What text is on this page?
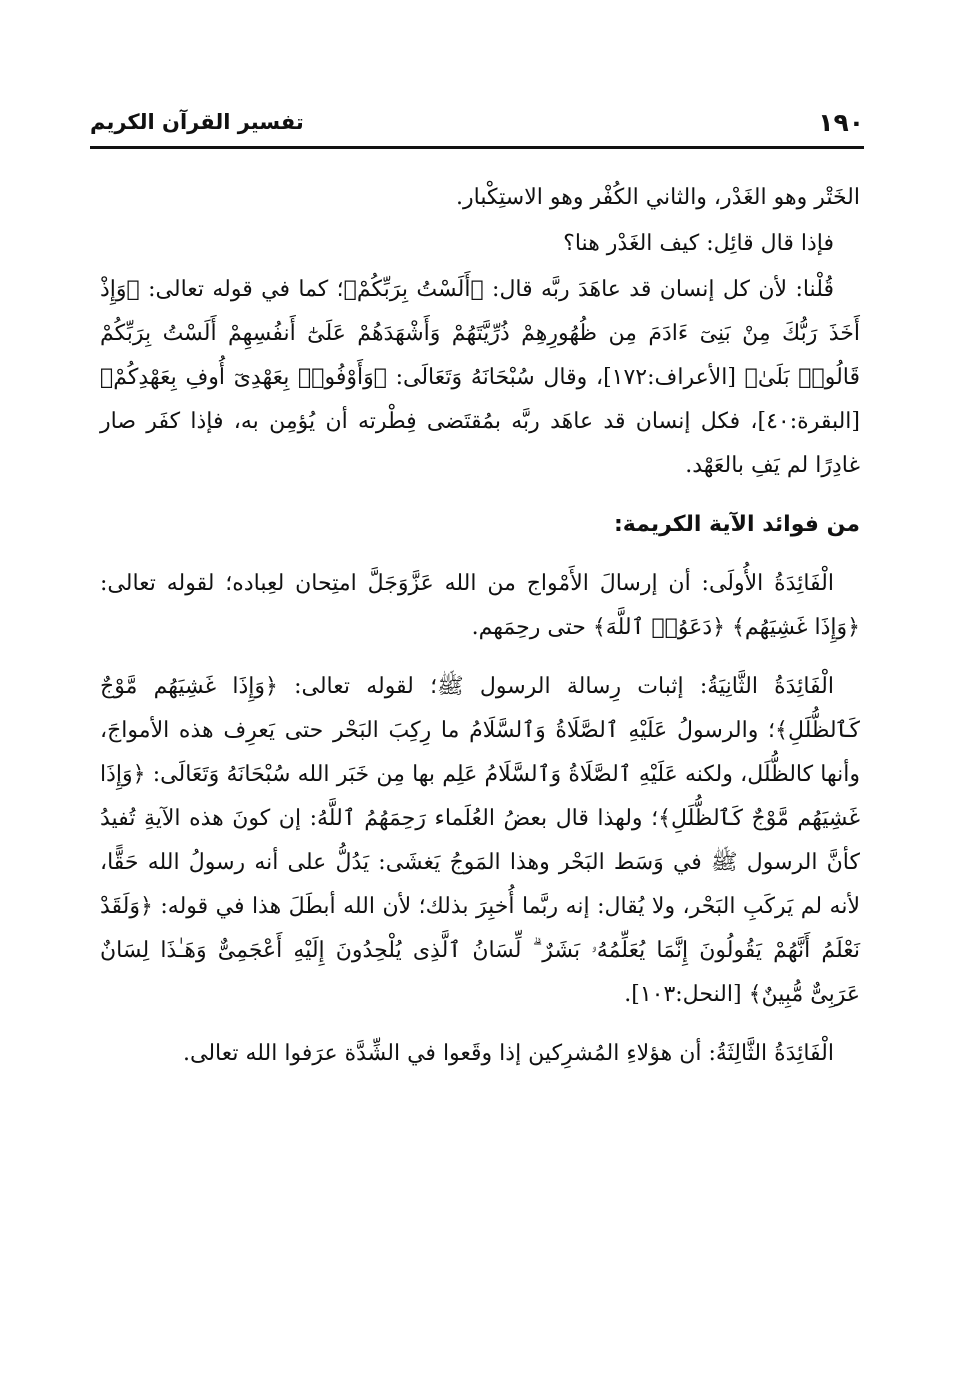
تفسير القرآن الكريم	١٩٠

الخَتْر وهو الغَدْر، والثاني الكُفْر وهو الاستِكْبار.

فإذا قال قائِل: كيف الغَدْر هنا؟

قُلْنا: لأن كل إنسان قد عاهَدَ ربَّه قال: ﴿أَلَسْتُ بِرَبِّكُمْ﴾؛ كما في قوله تعالى: ﴿وَإِذْ أَخَذَ رَبُّكَ مِنْ بَنِىٓ ءَادَمَ مِن ظُهُورِهِمْ ذُرِّيَّتَهُمْ وَأَشْهَدَهُمْ عَلَىٰٓ أَنفُسِهِمْ أَلَسْتُ بِرَبِّكُمْ قَالُوا۟ بَلَىٰ﴾ [الأعراف:١٧٢]، وقال سُبْحَانَهُ وَتَعَالَى: ﴿وَأَوْفُوا۟ بِعَهْدِىٓ أُوفِ بِعَهْدِكُمْ﴾ [البقرة:٤٠]، فكل إنسان قد عاهَد ربَّه بمُقتَضى فِطْرته أن يُؤمِن به، فإذا كفَر صار غادِرًا لم يَفِ بالعَهْد.

من فوائد الآية الكريمة:

الْفَائِدَةُ الأُولَى: أن إرسالَ الأَمْواج من الله عَزَّوَجَلَّ امتِحان لعِباده؛ لقوله تعالى: ﴿وَإِذَا غَشِيَهُم﴾ ﴿دَعَوُا۟ ٱللَّهَ﴾ حتى رحِمَهم.

الْفَائِدَةُ الثَّانِيَةُ: إثبات رِسالة الرسول ﷺ؛ لقوله تعالى: ﴿وَإِذَا غَشِيَهُم مَّوْجٌ كَٱلظُّلَلِ﴾؛ والرسولُ عَلَيْهِ ٱلصَّلَاةُ وَٱلسَّلَامُ ما رِكِبَ البَحْر حتى يَعرِف هذه الأمواجَ، وأنها كالظُّلَل، ولكنه عَلَيْهِ ٱلصَّلَاةُ وَٱلسَّلَامُ عَلِم بها مِن خَبَر الله سُبْحَانَهُ وَتَعَالَى: ﴿وَإِذَا غَشِيَهُم مَّوْجٌ كَٱلظُّلَلِ﴾؛ ولهذا قال بعضُ العُلَماء رَحِمَهُمُ ٱللَّهُ: إن كونَ هذه الآيةِ تُفيدُ كأنَّ الرسول ﷺ في وَسَط البَحْر وهذا المَوجُ يَغشَى: يَدُلُّ على أنه رسولُ الله حَقًّا، لأنه لم يَركَبِ البَحْر، ولا يُقال: إنه ربَّما أُخبِرَ بذلك؛ لأن الله أبطَلَ هذا في قوله: ﴿وَلَقَدْ نَعْلَمُ أَنَّهُمْ يَقُولُونَ إِنَّمَا يُعَلِّمُهُۥ بَشَرٌ ۗ لِّسَانُ ٱلَّذِى يُلْحِدُونَ إِلَيْهِ أَعْجَمِىٌّ وَهَـٰذَا لِسَانٌ عَرَبِىٌّ مُّبِينٌ﴾ [النحل:١٠٣].

الْفَائِدَةُ الثَّالِثَةُ: أن هؤلاءِ المُشرِكين إذا وقَعوا في الشِّدَّة عرَفوا الله تعالى.
